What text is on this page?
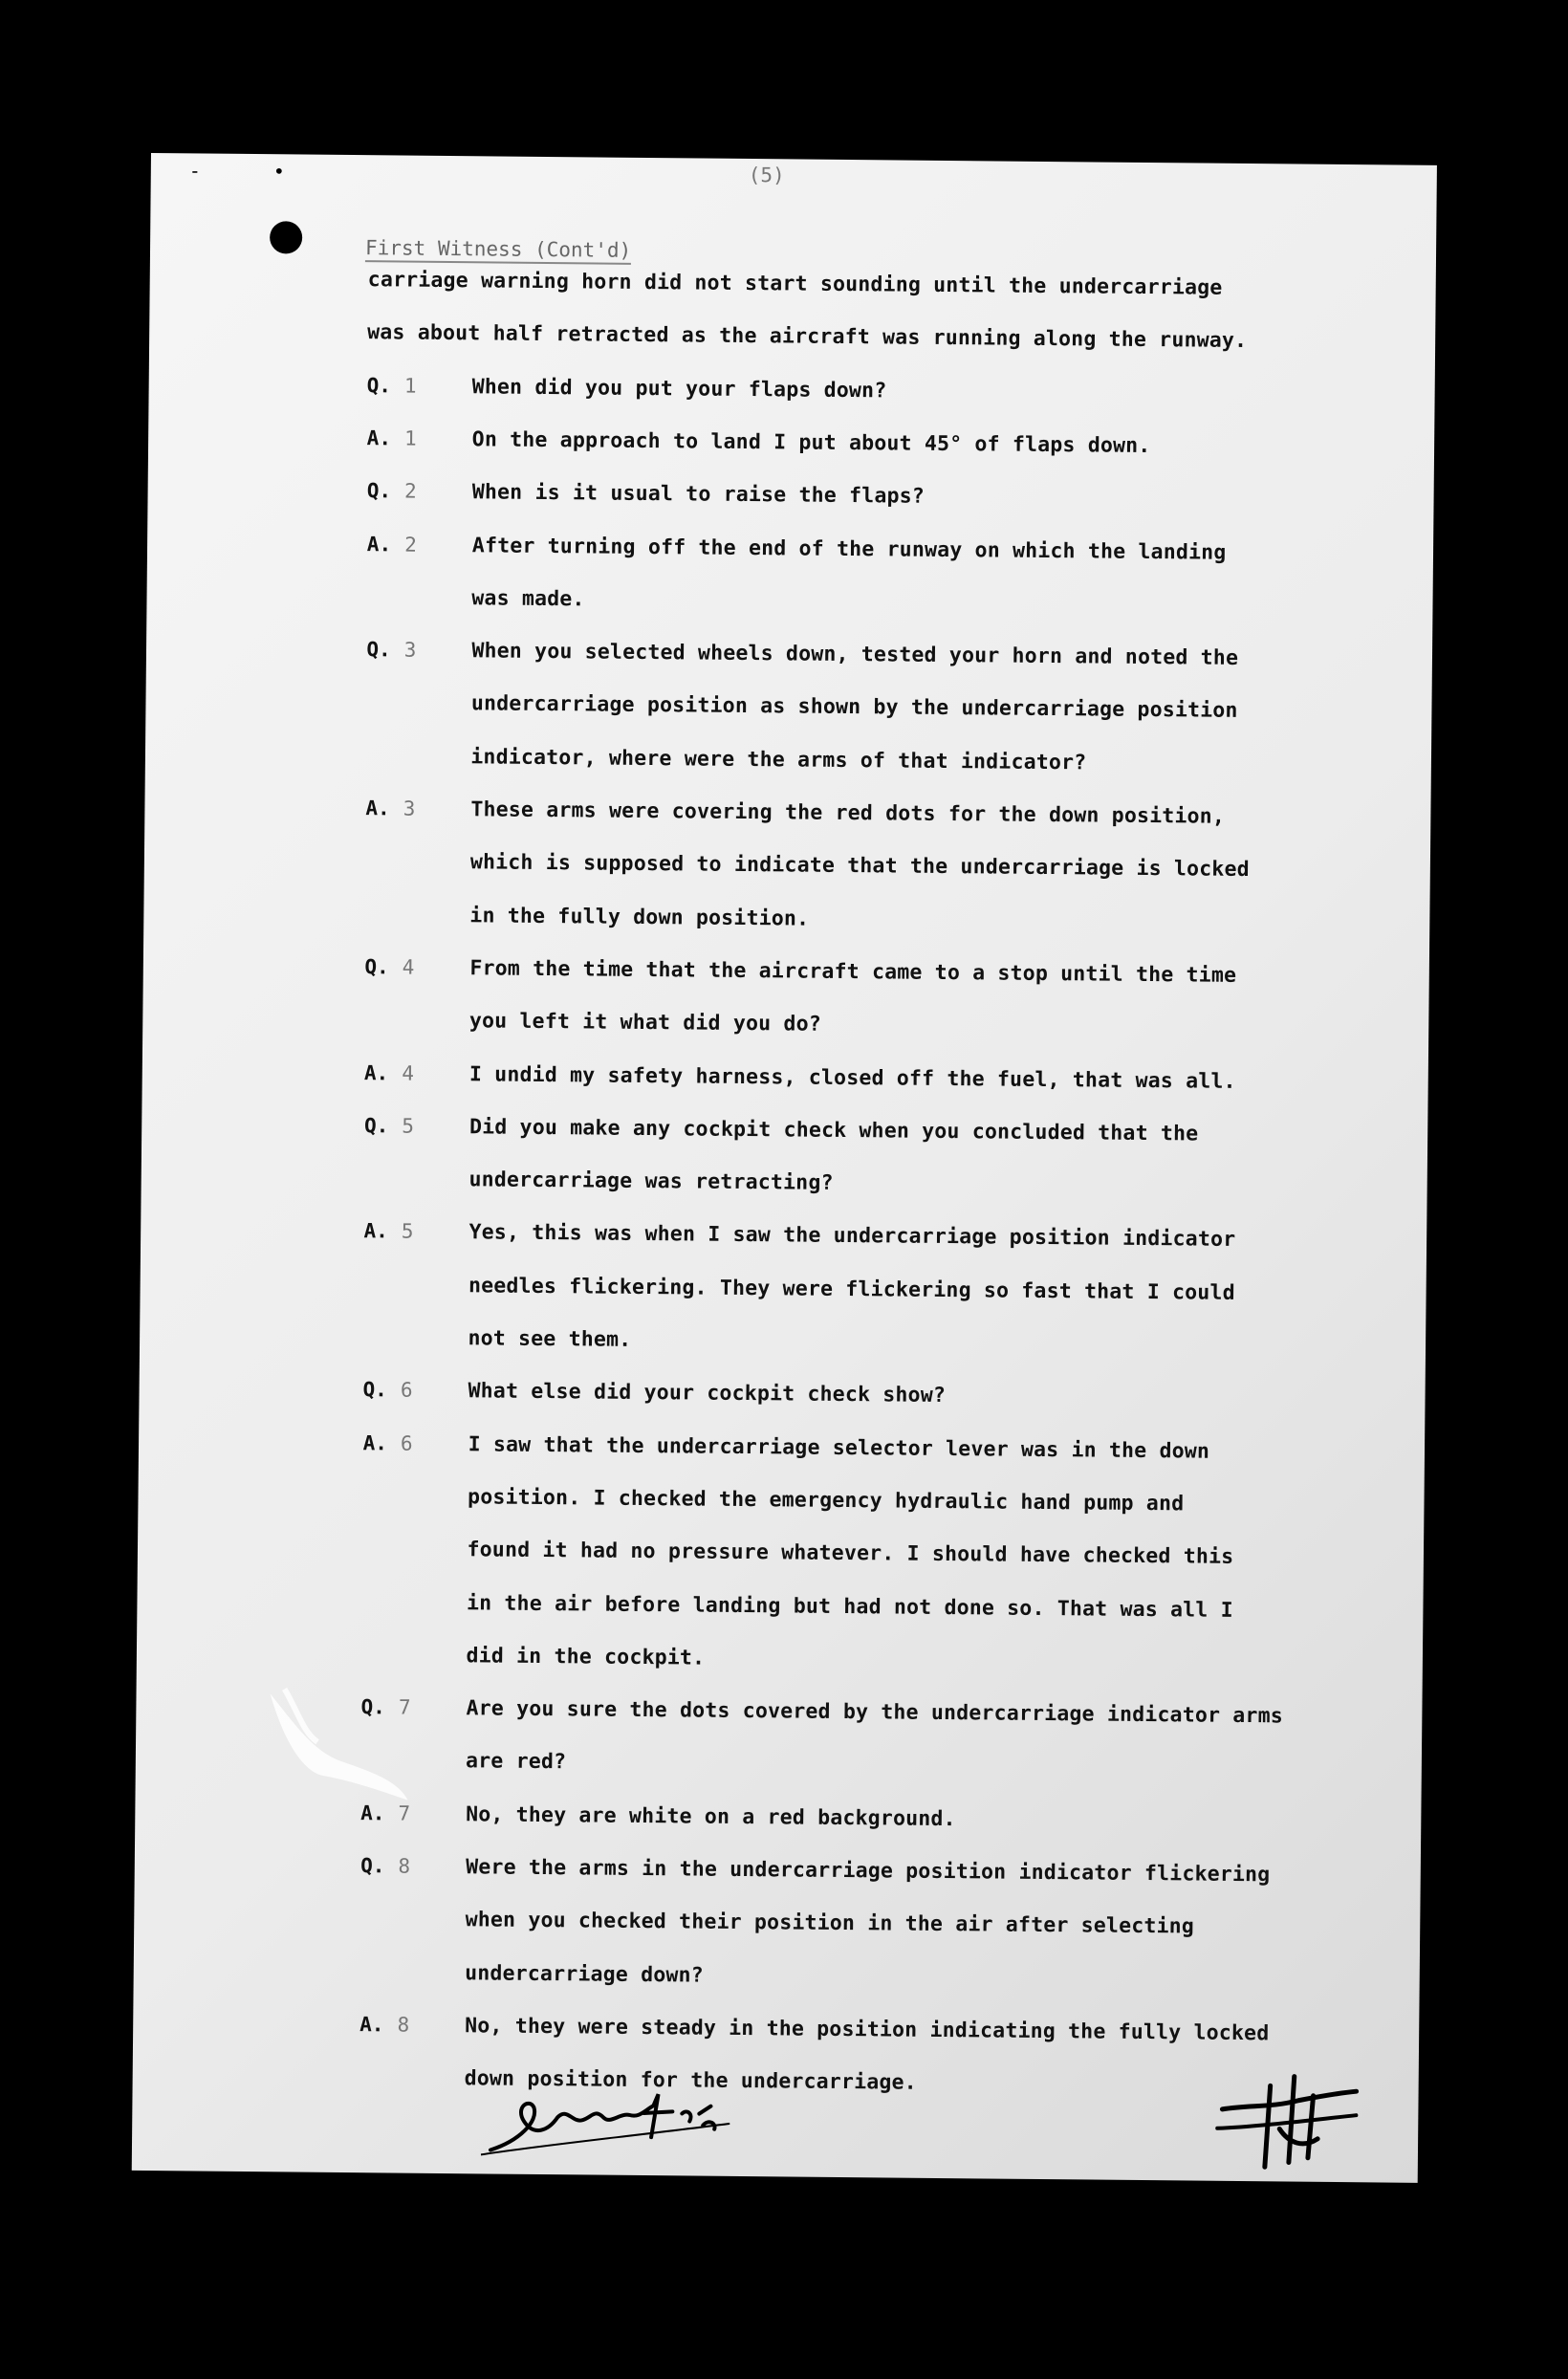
-	•	(5)
First Witness (Cont'd)
carriage warning horn did not start sounding until the undercarriage
was about half retracted as the aircraft was running along the runway.
Q. 1	When did you put your flaps down?
A. 1	On the approach to land I put about 45° of flaps down.
Q. 2	When is it usual to raise the flaps?
A. 2	After turning off the end of the runway on which the landing
was made.
Q. 3	When you selected wheels down, tested your horn and noted the
undercarriage position as shown by the undercarriage position
indicator, where were the arms of that indicator?
A. 3	These arms were covering the red dots for the down position,
which is supposed to indicate that the undercarriage is locked
in the fully down position.
Q. 4	From the time that the aircraft came to a stop until the time
you left it what did you do?
A. 4	I undid my safety harness, closed off the fuel, that was all.
Q. 5	Did you make any cockpit check when you concluded that the
undercarriage was retracting?
A. 5	Yes, this was when I saw the undercarriage position indicator
needles flickering. They were flickering so fast that I could
not see them.
Q. 6	What else did your cockpit check show?
A. 6	I saw that the undercarriage selector lever was in the down
position. I checked the emergency hydraulic hand pump and
found it had no pressure whatever. I should have checked this
in the air before landing but had not done so. That was all I
did in the cockpit.
Q. 7	Are you sure the dots covered by the undercarriage indicator arms
are red?
A. 7	No, they are white on a red background.
Q. 8	Were the arms in the undercarriage position indicator flickering
when you checked their position in the air after selecting
undercarriage down?
A. 8	No, they were steady in the position indicating the fully locked
down position for the undercarriage.
